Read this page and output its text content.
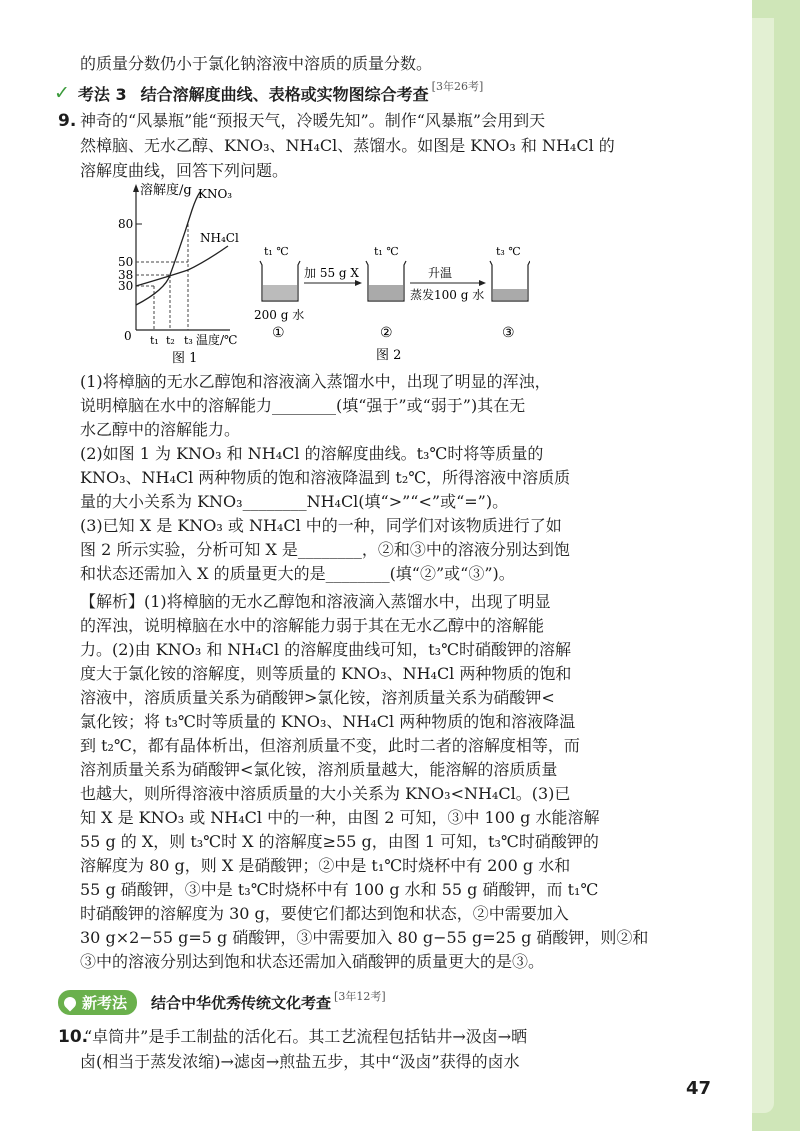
的质量分数仍小于氯化钠溶液中溶质的质量分数。
✓ 考法 3 结合溶解度曲线、表格或实物图综合考查 [3年26考]
9. 神奇的“风暴瓶”能“预报天气，冷暖先知”。制作“风暴瓶”会用到天
然樟脑、无水乙醇、KNO₃、NH₄Cl、蒸馏水。如图是 KNO₃ 和 NH₄Cl 的
溶解度曲线，回答下列问题。
溶解度/g
80
50
38
30
0
KNO₃
NH₄Cl
t₁ t₂ t₃ 温度/℃
图 1
t₁ ℃	t₁ ℃	t₃ ℃
加 55 g X	升温
蒸发100 g 水
200 g 水
①	②	③
图 2
(1)将樟脑的无水乙醇饱和溶液滴入蒸馏水中，出现了明显的浑浊，
说明樟脑在水中的溶解能力________(填“强于”或“弱于”)其在无
水乙醇中的溶解能力。
(2)如图 1 为 KNO₃ 和 NH₄Cl 的溶解度曲线。t₃℃时将等质量的
KNO₃、NH₄Cl 两种物质的饱和溶液降温到 t₂℃，所得溶液中溶质质
量的大小关系为 KNO₃________NH₄Cl(填“>”“<”或“=”)。
(3)已知 X 是 KNO₃ 或 NH₄Cl 中的一种，同学们对该物质进行了如
图 2 所示实验，分析可知 X 是________，②和③中的溶液分别达到饱
和状态还需加入 X 的质量更大的是________(填“②”或“③”)。
【解析】(1)将樟脑的无水乙醇饱和溶液滴入蒸馏水中，出现了明显
的浑浊，说明樟脑在水中的溶解能力弱于其在无水乙醇中的溶解能
力。(2)由 KNO₃ 和 NH₄Cl 的溶解度曲线可知，t₃℃时硝酸钾的溶解
度大于氯化铵的溶解度，则等质量的 KNO₃、NH₄Cl 两种物质的饱和
溶液中，溶质质量关系为硝酸钾>氯化铵，溶剂质量关系为硝酸钾<
氯化铵；将 t₃℃时等质量的 KNO₃、NH₄Cl 两种物质的饱和溶液降温
到 t₂℃，都有晶体析出，但溶剂质量不变，此时二者的溶解度相等，而
溶剂质量关系为硝酸钾<氯化铵，溶剂质量越大，能溶解的溶质质量
也越大，则所得溶液中溶质质量的大小关系为 KNO₃<NH₄Cl。(3)已
知 X 是 KNO₃ 或 NH₄Cl 中的一种，由图 2 可知，③中 100 g 水能溶解
55 g 的 X，则 t₃℃时 X 的溶解度≥55 g，由图 1 可知，t₃℃时硝酸钾的
溶解度为 80 g，则 X 是硝酸钾；②中是 t₁℃时烧杯中有 200 g 水和
55 g 硝酸钾，③中是 t₃℃时烧杯中有 100 g 水和 55 g 硝酸钾，而 t₁℃
时硝酸钾的溶解度为 30 g，要使它们都达到饱和状态，②中需要加入
30 g×2−55 g=5 g 硝酸钾，③中需要加入 80 g−55 g=25 g 硝酸钾，则②和
③中的溶液分别达到饱和状态还需加入硝酸钾的质量更大的是③。
新考法 结合中华优秀传统文化考查 [3年12考]
10.
“卓筒井”是手工制盐的活化石。其工艺流程包括钻井→汲卤→晒
卤(相当于蒸发浓缩)→滤卤→煎盐五步，其中“汲卤”获得的卤水
47
